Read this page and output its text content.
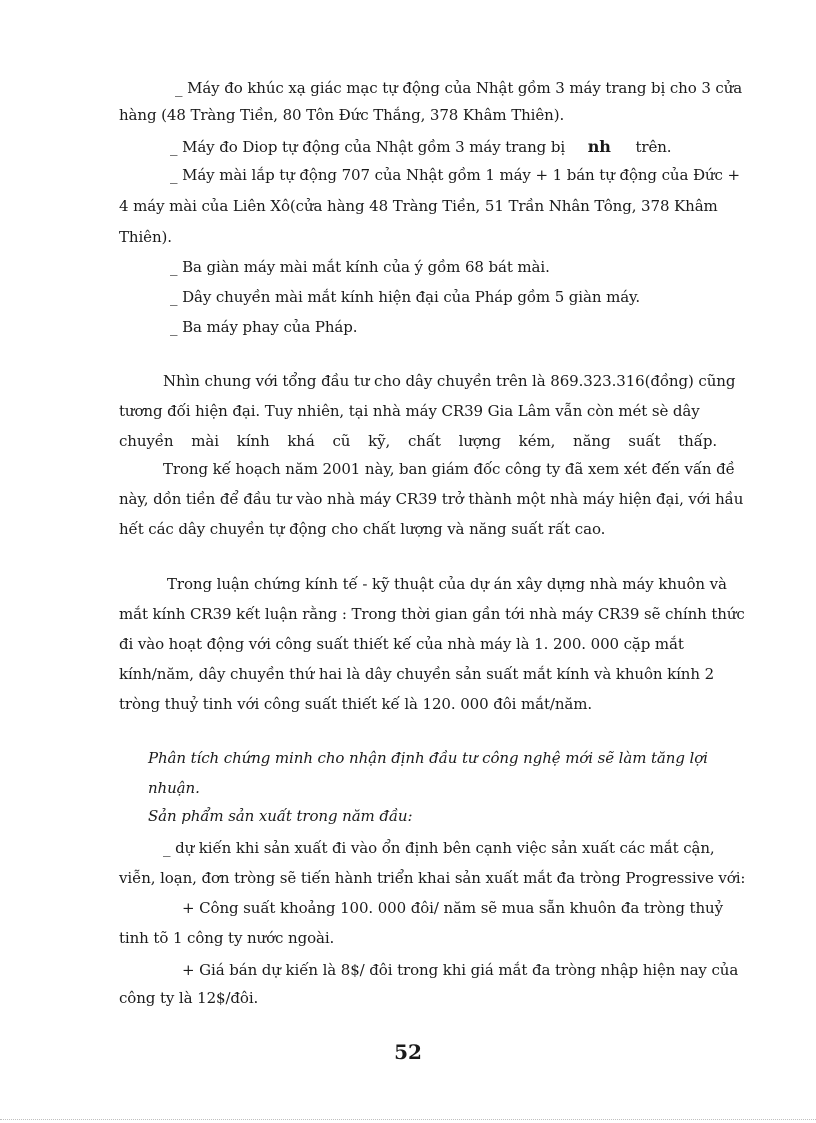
_ Máy đo khúc xạ giác mạc tự động của Nhật gồm 3 máy trang bị cho 3 cửa
hàng (48 Tràng Tiền, 80 Tôn Đức Thắng, 378 Khâm Thiên).
_ Máy đo Diop tự động của Nhật gồm 3 máy trang bị nh trên.
_ Máy mài lắp tự động 707 của Nhật gồm 1 máy + 1 bán tự động của Đức +
4 máy mài của Liên Xô(cửa hàng 48 Tràng Tiền, 51 Trần Nhân Tông, 378 Khâm
Thiên).
_ Ba giàn máy mài mắt kính của ý gồm 68 bát mài.
_ Dây chuyền mài mắt kính hiện đại của Pháp gồm 5 giàn máy.
_ Ba máy phay của Pháp.
Nhìn chung với tổng đầu tư cho dây chuyền trên là 869.323.316(đồng) cũng
tương đối hiện đại. Tuy nhiên, tại nhà máy CR39 Gia Lâm vẫn còn mét sè dây
chuyền mài kính khá cũ kỹ, chất lượng kém, năng suất thấp.
Trong kế hoạch năm 2001 này, ban giám đốc công ty đã xem xét đến vấn đề
này, dồn tiền để đầu tư vào nhà máy CR39 trở thành một nhà máy hiện đại, với hầu
hết các dây chuyền tự động cho chất lượng và năng suất rất cao.
Trong luận chứng kính tế - kỹ thuật của dự án xây dựng nhà máy khuôn và
mắt kính CR39 kết luận rằng : Trong thời gian gần tới nhà máy CR39 sẽ chính thức
đi vào hoạt động với công suất thiết kế của nhà máy là 1. 200. 000 cặp mắt
kính/năm, dây chuyền thứ hai là dây chuyền sản suất mắt kính và khuôn kính 2
tròng thuỷ tinh với công suất thiết kế là 120. 000 đôi mắt/năm.
Phân tích chứng minh cho nhận định đầu tư công nghệ mới sẽ làm tăng lợi
nhuận.
Sản phẩm sản xuất trong năm đầu:
_ dự kiến khi sản xuất đi vào ổn định bên cạnh việc sản xuất các mắt cận,
viễn, loạn, đơn tròng sẽ tiến hành triển khai sản xuất mắt đa tròng Progressive với:
+ Công suất khoảng 100. 000 đôi/ năm sẽ mua sẵn khuôn đa tròng thuỷ
tinh tõ 1 công ty nước ngoài.
+ Giá bán dự kiến là 8$/ đôi trong khi giá mắt đa tròng nhập hiện nay của
công ty là 12$/đôi.
52
